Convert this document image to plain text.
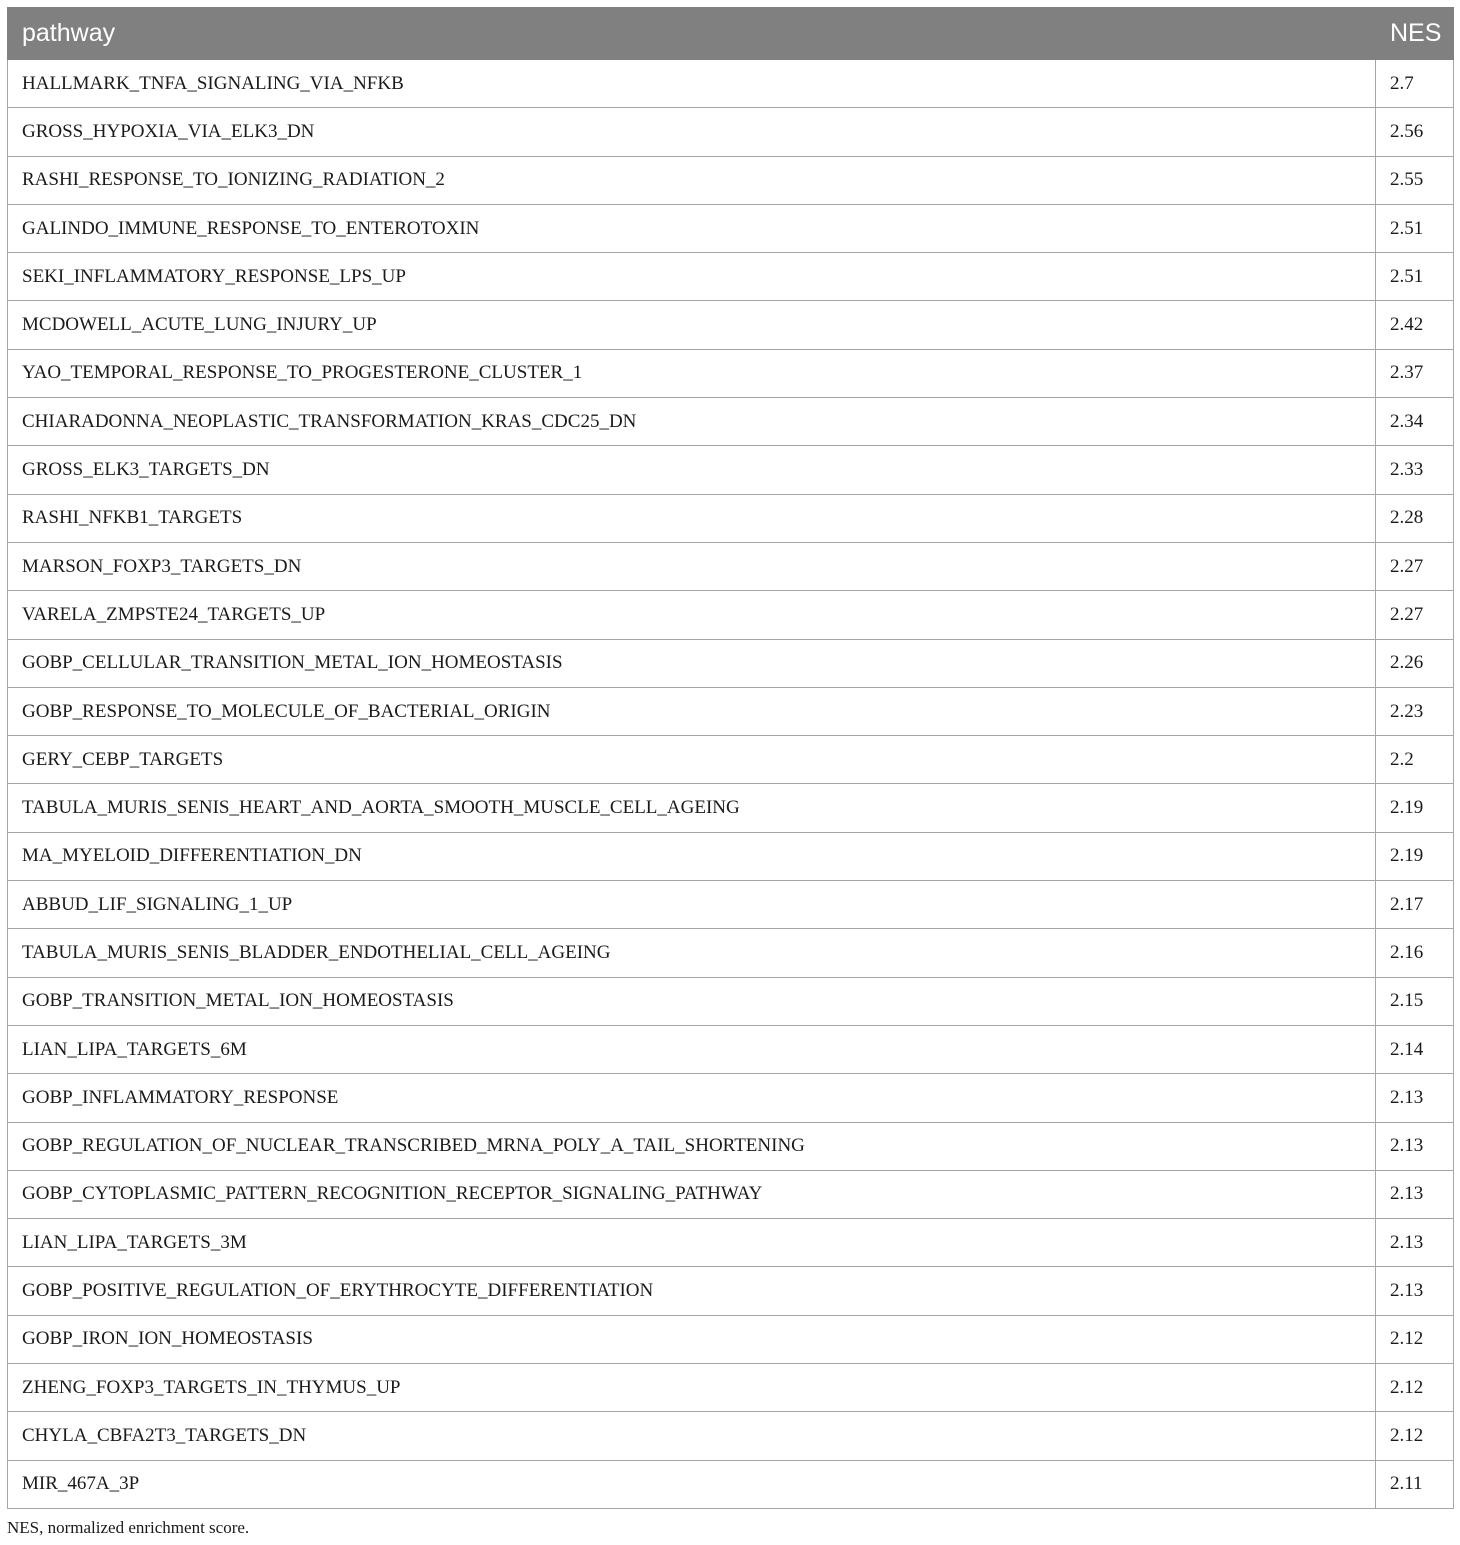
pathway	NES
HALLMARK_TNFA_SIGNALING_VIA_NFKB	2.7
GROSS_HYPOXIA_VIA_ELK3_DN	2.56
RASHI_RESPONSE_TO_IONIZING_RADIATION_2	2.55
GALINDO_IMMUNE_RESPONSE_TO_ENTEROTOXIN	2.51
SEKI_INFLAMMATORY_RESPONSE_LPS_UP	2.51
MCDOWELL_ACUTE_LUNG_INJURY_UP	2.42
YAO_TEMPORAL_RESPONSE_TO_PROGESTERONE_CLUSTER_1	2.37
CHIARADONNA_NEOPLASTIC_TRANSFORMATION_KRAS_CDC25_DN	2.34
GROSS_ELK3_TARGETS_DN	2.33
RASHI_NFKB1_TARGETS	2.28
MARSON_FOXP3_TARGETS_DN	2.27
VARELA_ZMPSTE24_TARGETS_UP	2.27
GOBP_CELLULAR_TRANSITION_METAL_ION_HOMEOSTASIS	2.26
GOBP_RESPONSE_TO_MOLECULE_OF_BACTERIAL_ORIGIN	2.23
GERY_CEBP_TARGETS	2.2
TABULA_MURIS_SENIS_HEART_AND_AORTA_SMOOTH_MUSCLE_CELL_AGEING	2.19
MA_MYELOID_DIFFERENTIATION_DN	2.19
ABBUD_LIF_SIGNALING_1_UP	2.17
TABULA_MURIS_SENIS_BLADDER_ENDOTHELIAL_CELL_AGEING	2.16
GOBP_TRANSITION_METAL_ION_HOMEOSTASIS	2.15
LIAN_LIPA_TARGETS_6M	2.14
GOBP_INFLAMMATORY_RESPONSE	2.13
GOBP_REGULATION_OF_NUCLEAR_TRANSCRIBED_MRNA_POLY_A_TAIL_SHORTENING	2.13
GOBP_CYTOPLASMIC_PATTERN_RECOGNITION_RECEPTOR_SIGNALING_PATHWAY	2.13
LIAN_LIPA_TARGETS_3M	2.13
GOBP_POSITIVE_REGULATION_OF_ERYTHROCYTE_DIFFERENTIATION	2.13
GOBP_IRON_ION_HOMEOSTASIS	2.12
ZHENG_FOXP3_TARGETS_IN_THYMUS_UP	2.12
CHYLA_CBFA2T3_TARGETS_DN	2.12
MIR_467A_3P	2.11
NES, normalized enrichment score.
